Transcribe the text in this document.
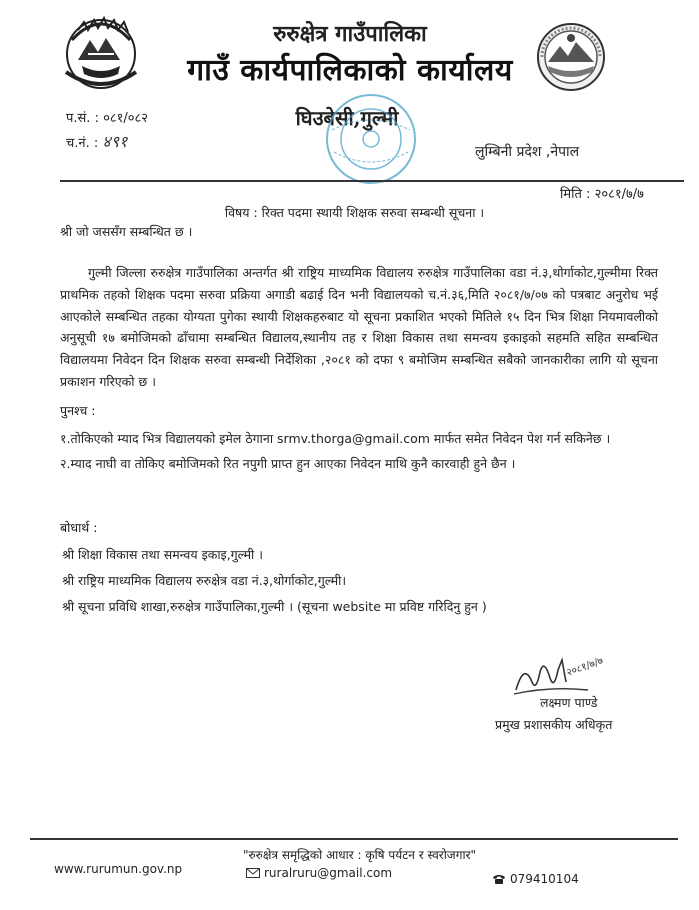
रुरुक्षेत्र गाउँपालिका
गाउँ कार्यपालिकाको कार्यालय
घिउबेसी,गुल्मी
प.सं. : ०८१/०८२
च.नं. : ४९१
लुम्बिनी प्रदेश ,नेपाल
मिति : २०८१/७/७
विषय : रिक्त पदमा स्थायी शिक्षक सरुवा सम्बन्धी सूचना ।
श्री जो जससँग सम्बन्धित छ ।

गुल्मी जिल्ला रुरुक्षेत्र गाउँपालिका अन्तर्गत श्री राष्ट्रिय माध्यमिक विद्यालय रुरुक्षेत्र गाउँपालिका वडा नं.३,थोर्गाकोट,गुल्मीमा रिक्त प्राथमिक तहको शिक्षक पदमा सरुवा प्रक्रिया अगाडी बढाई दिन भनी विद्यालयको च.नं.३६,मिति २०८१/७/०७ को पत्रबाट अनुरोध भई आएकोले सम्बन्धित तहका योग्यता पुगेका स्थायी शिक्षकहरुबाट यो सूचना प्रकाशित भएको मितिले १५ दिन भित्र शिक्षा नियमावलीको अनुसूची १७ बमोजिमको ढाँचामा सम्बन्धित विद्यालय,स्थानीय तह र शिक्षा विकास तथा समन्वय इकाइको सहमति सहित सम्बन्धित विद्यालयमा निवेदन दिन शिक्षक सरुवा सम्बन्धी निर्देशिका ,२०८१ को दफा ९ बमोजिम सम्बन्धित सबैको जानकारीका लागि यो सूचना प्रकाशन गरिएको छ ।

पुनश्च :
१.तोकिएको म्याद भित्र विद्यालयको इमेल ठेगाना srmv.thorga@gmail.com मार्फत समेत निवेदन पेश गर्न सकिनेछ ।
२.म्याद नाघी वा तोकिए बमोजिमको रित नपुगी प्राप्त हुन आएका निवेदन माथि कुनै कारवाही हुने छैन ।
बोधार्थ :
श्री शिक्षा विकास तथा समन्वय इकाइ,गुल्मी ।
श्री राष्ट्रिय माध्यमिक विद्यालय रुरुक्षेत्र वडा नं.३,थोर्गाकोट,गुल्मी।
श्री सूचना प्रविधि शाखा,रुरुक्षेत्र गाउँपालिका,गुल्मी । (सूचना website मा प्रविष्ट गरिदिनु हुन )
२०८१/७/७
लक्ष्मण पाण्डे
प्रमुख प्रशासकीय अधिकृत
"रुरुक्षेत्र समृद्धिको आधार : कृषि पर्यटन र स्वरोजगार"
www.rurumun.gov.np	ruralruru@gmail.com	079410104
